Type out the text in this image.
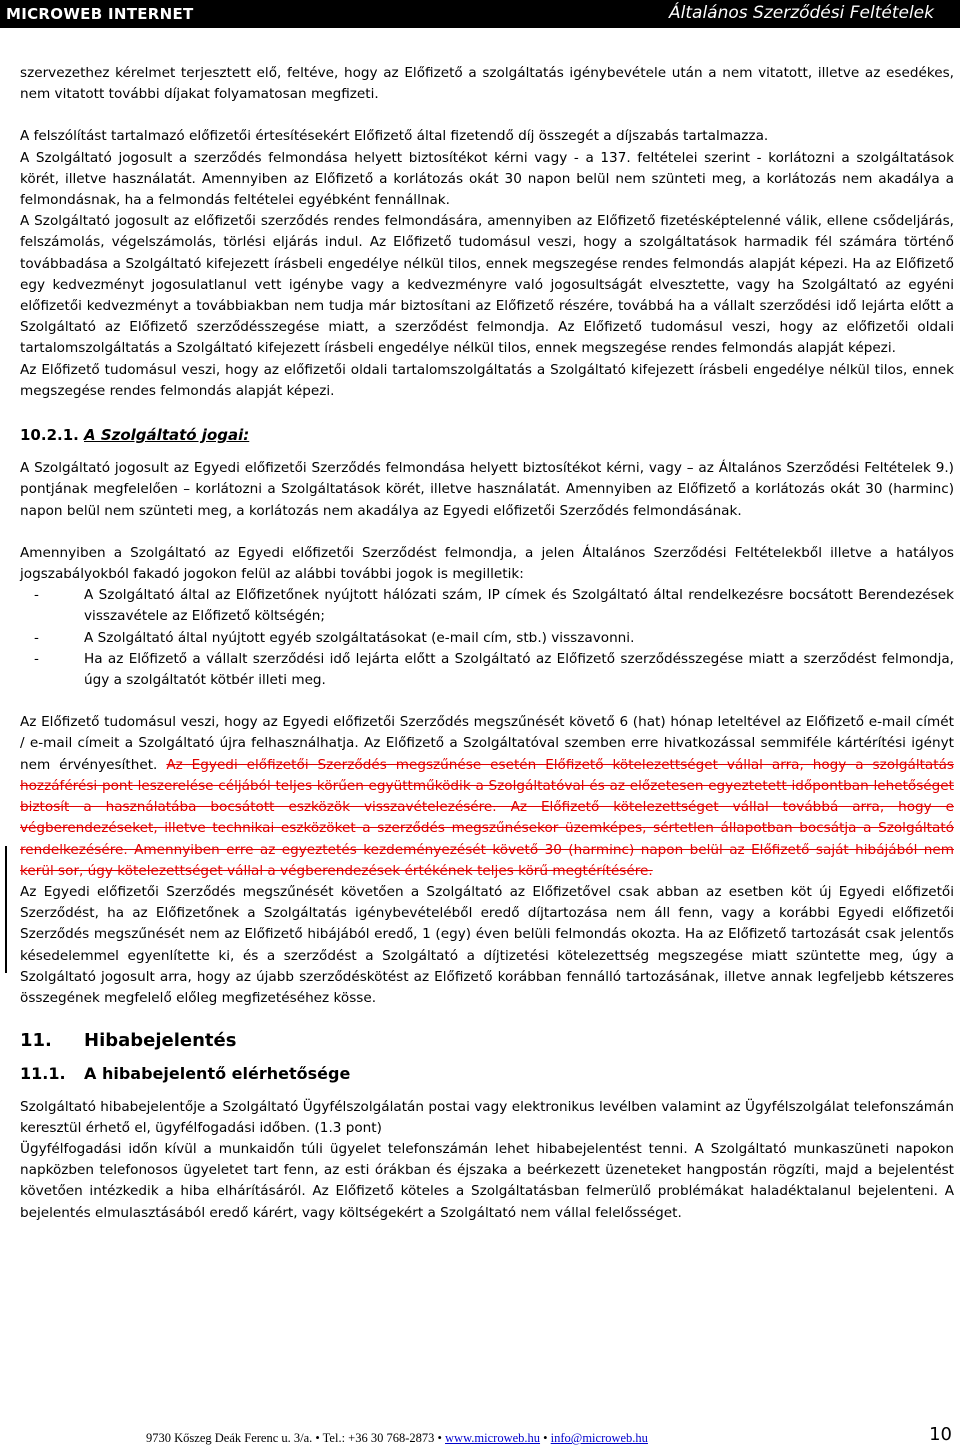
MICROWEB INTERNET	Általános Szerződési Feltételek

szervezethez kérelmet terjesztett elő, feltéve, hogy az Előfizető a szolgáltatás igénybevétele után a nem vitatott, illetve az esedékes, nem vitatott további díjakat folyamatosan megfizeti.

A felszólítást tartalmazó előfizetői értesítésekért Előfizető által fizetendő díj összegét a díjszabás tartalmazza.

A Szolgáltató jogosult a szerződés felmondása helyett biztosítékot kérni vagy - a 137. feltételei szerint - korlátozni a szolgáltatások körét, illetve használatát. Amennyiben az Előfizető a korlátozás okát 30 napon belül nem szünteti meg, a korlátozás nem akadálya a felmondásnak, ha a felmondás feltételei egyébként fennállnak.

A Szolgáltató jogosult az előfizetői szerződés rendes felmondására, amennyiben az Előfizető fizetésképtelenné válik, ellene csődeljárás, felszámolás, végelszámolás, törlési eljárás indul. Az Előfizető tudomásul veszi, hogy a szolgáltatások harmadik fél számára történő továbbadása a Szolgáltató kifejezett írásbeli engedélye nélkül tilos, ennek megszegése rendes felmondás alapját képezi. Ha az Előfizető egy kedvezményt jogosulatlanul vett igénybe vagy a kedvezményre való jogosultságát elvesztette, vagy ha Szolgáltató az egyéni előfizetői kedvezményt a továbbiakban nem tudja már biztosítani az Előfizető részére, továbbá ha a vállalt szerződési idő lejárta előtt a Szolgáltató az Előfizető szerződésszegése miatt, a szerződést felmondja. Az Előfizető tudomásul veszi, hogy az előfizetői oldali tartalomszolgáltatás a Szolgáltató kifejezett írásbeli engedélye nélkül tilos, ennek megszegése rendes felmondás alapját képezi.

Az Előfizető tudomásul veszi, hogy az előfizetői oldali tartalomszolgáltatás a Szolgáltató kifejezett írásbeli engedélye nélkül tilos, ennek megszegése rendes felmondás alapját képezi.

10.2.1. A Szolgáltató jogai:

A Szolgáltató jogosult az Egyedi előfizetői Szerződés felmondása helyett biztosítékot kérni, vagy – az Általános Szerződési Feltételek 9.) pontjának megfelelően – korlátozni a Szolgáltatások körét, illetve használatát. Amennyiben az Előfizető a korlátozás okát 30 (harminc) napon belül nem szünteti meg, a korlátozás nem akadálya az Egyedi előfizetői Szerződés felmondásának.

Amennyiben a Szolgáltató az Egyedi előfizetői Szerződést felmondja, a jelen Általános Szerződési Feltételekből illetve a hatályos jogszabályokból fakadó jogokon felül az alábbi további jogok is megilletik:

-	A Szolgáltató által az Előfizetőnek nyújtott hálózati szám, IP címek és Szolgáltató által rendelkezésre bocsátott Berendezések visszavétele az Előfizető költségén;
-	A Szolgáltató által nyújtott egyéb szolgáltatásokat (e-mail cím, stb.) visszavonni.
-	Ha az Előfizető a vállalt szerződési idő lejárta előtt a Szolgáltató az Előfizető szerződésszegése miatt a szerződést felmondja, úgy a szolgáltatót kötbér illeti meg.

Az Előfizető tudomásul veszi, hogy az Egyedi előfizetői Szerződés megszűnését követő 6 (hat) hónap leteltével az Előfizető e-mail címét / e-mail címeit a Szolgáltató újra felhasználhatja. Az Előfizető a Szolgáltatóval szemben erre hivatkozással semmiféle kártérítési igényt nem érvényesíthet. Az Egyedi előfizetői Szerződés megszűnése esetén Előfizető kötelezettséget vállal arra, hogy a szolgáltatás hozzáférési pont leszerelése céljából teljes körűen együttműködik a Szolgáltatóval és az előzetesen egyeztetett időpontban lehetőséget biztosít a használatába bocsátott eszközök visszavételezésére. Az Előfizető kötelezettséget vállal továbbá arra, hogy e végberendezéseket, illetve technikai eszközöket a szerződés megszűnésekor üzemképes, sértetlen állapotban bocsátja a Szolgáltató rendelkezésére. Amennyiben erre az egyeztetés kezdeményezését követő 30 (harminc) napon belül az Előfizető saját hibájából nem kerül sor, úgy kötelezettséget vállal a végberendezések értékének teljes körű megtérítésére.

Az Egyedi előfizetői Szerződés megszűnését követően a Szolgáltató az Előfizetővel csak abban az esetben köt új Egyedi előfizetői Szerződést, ha az Előfizetőnek a Szolgáltatás igénybevételéből eredő díjtartozása nem áll fenn, vagy a korábbi Egyedi előfizetői Szerződés megszűnését nem az Előfizető hibájából eredő, 1 (egy) éven belüli felmondás okozta. Ha az Előfizető tartozását csak jelentős késedelemmel egyenlítette ki, és a szerződést a Szolgáltató a díjtizetési kötelezettség megszegése miatt szüntette meg, úgy a Szolgáltató jogosult arra, hogy az újabb szerződéskötést az Előfizető korábban fennálló tartozásának, illetve annak legfeljebb kétszeres összegének megfelelő előleg megfizetéséhez kösse.

11. Hibabejelentés

11.1. A hibabejelentő elérhetősége

Szolgáltató hibabejelentője a Szolgáltató Ügyfélszolgálatán postai vagy elektronikus levélben valamint az Ügyfélszolgálat telefonszámán keresztül érhető el, ügyfélfogadási időben. (1.3 pont)

Ügyfélfogadási időn kívül a munkaidőn túli ügyelet telefonszámán lehet hibabejelentést tenni. A Szolgáltató munkaszüneti napokon napközben telefonosos ügyeletet tart fenn, az esti órákban és éjszaka a beérkezett üzeneteket hangpostán rögzíti, majd a bejelentést követően intézkedik a hiba elhárításáról. Az Előfizető köteles a Szolgáltatásban felmerülő problémákat haladéktalanul bejelenteni. A bejelentés elmulasztásából eredő kárért, vagy költségekért a Szolgáltató nem vállal felelősséget.

9730 Kőszeg Deák Ferenc u. 3/a. • Tel.: +36 30 768-2873 • www.microweb.hu • info@microweb.hu	10
